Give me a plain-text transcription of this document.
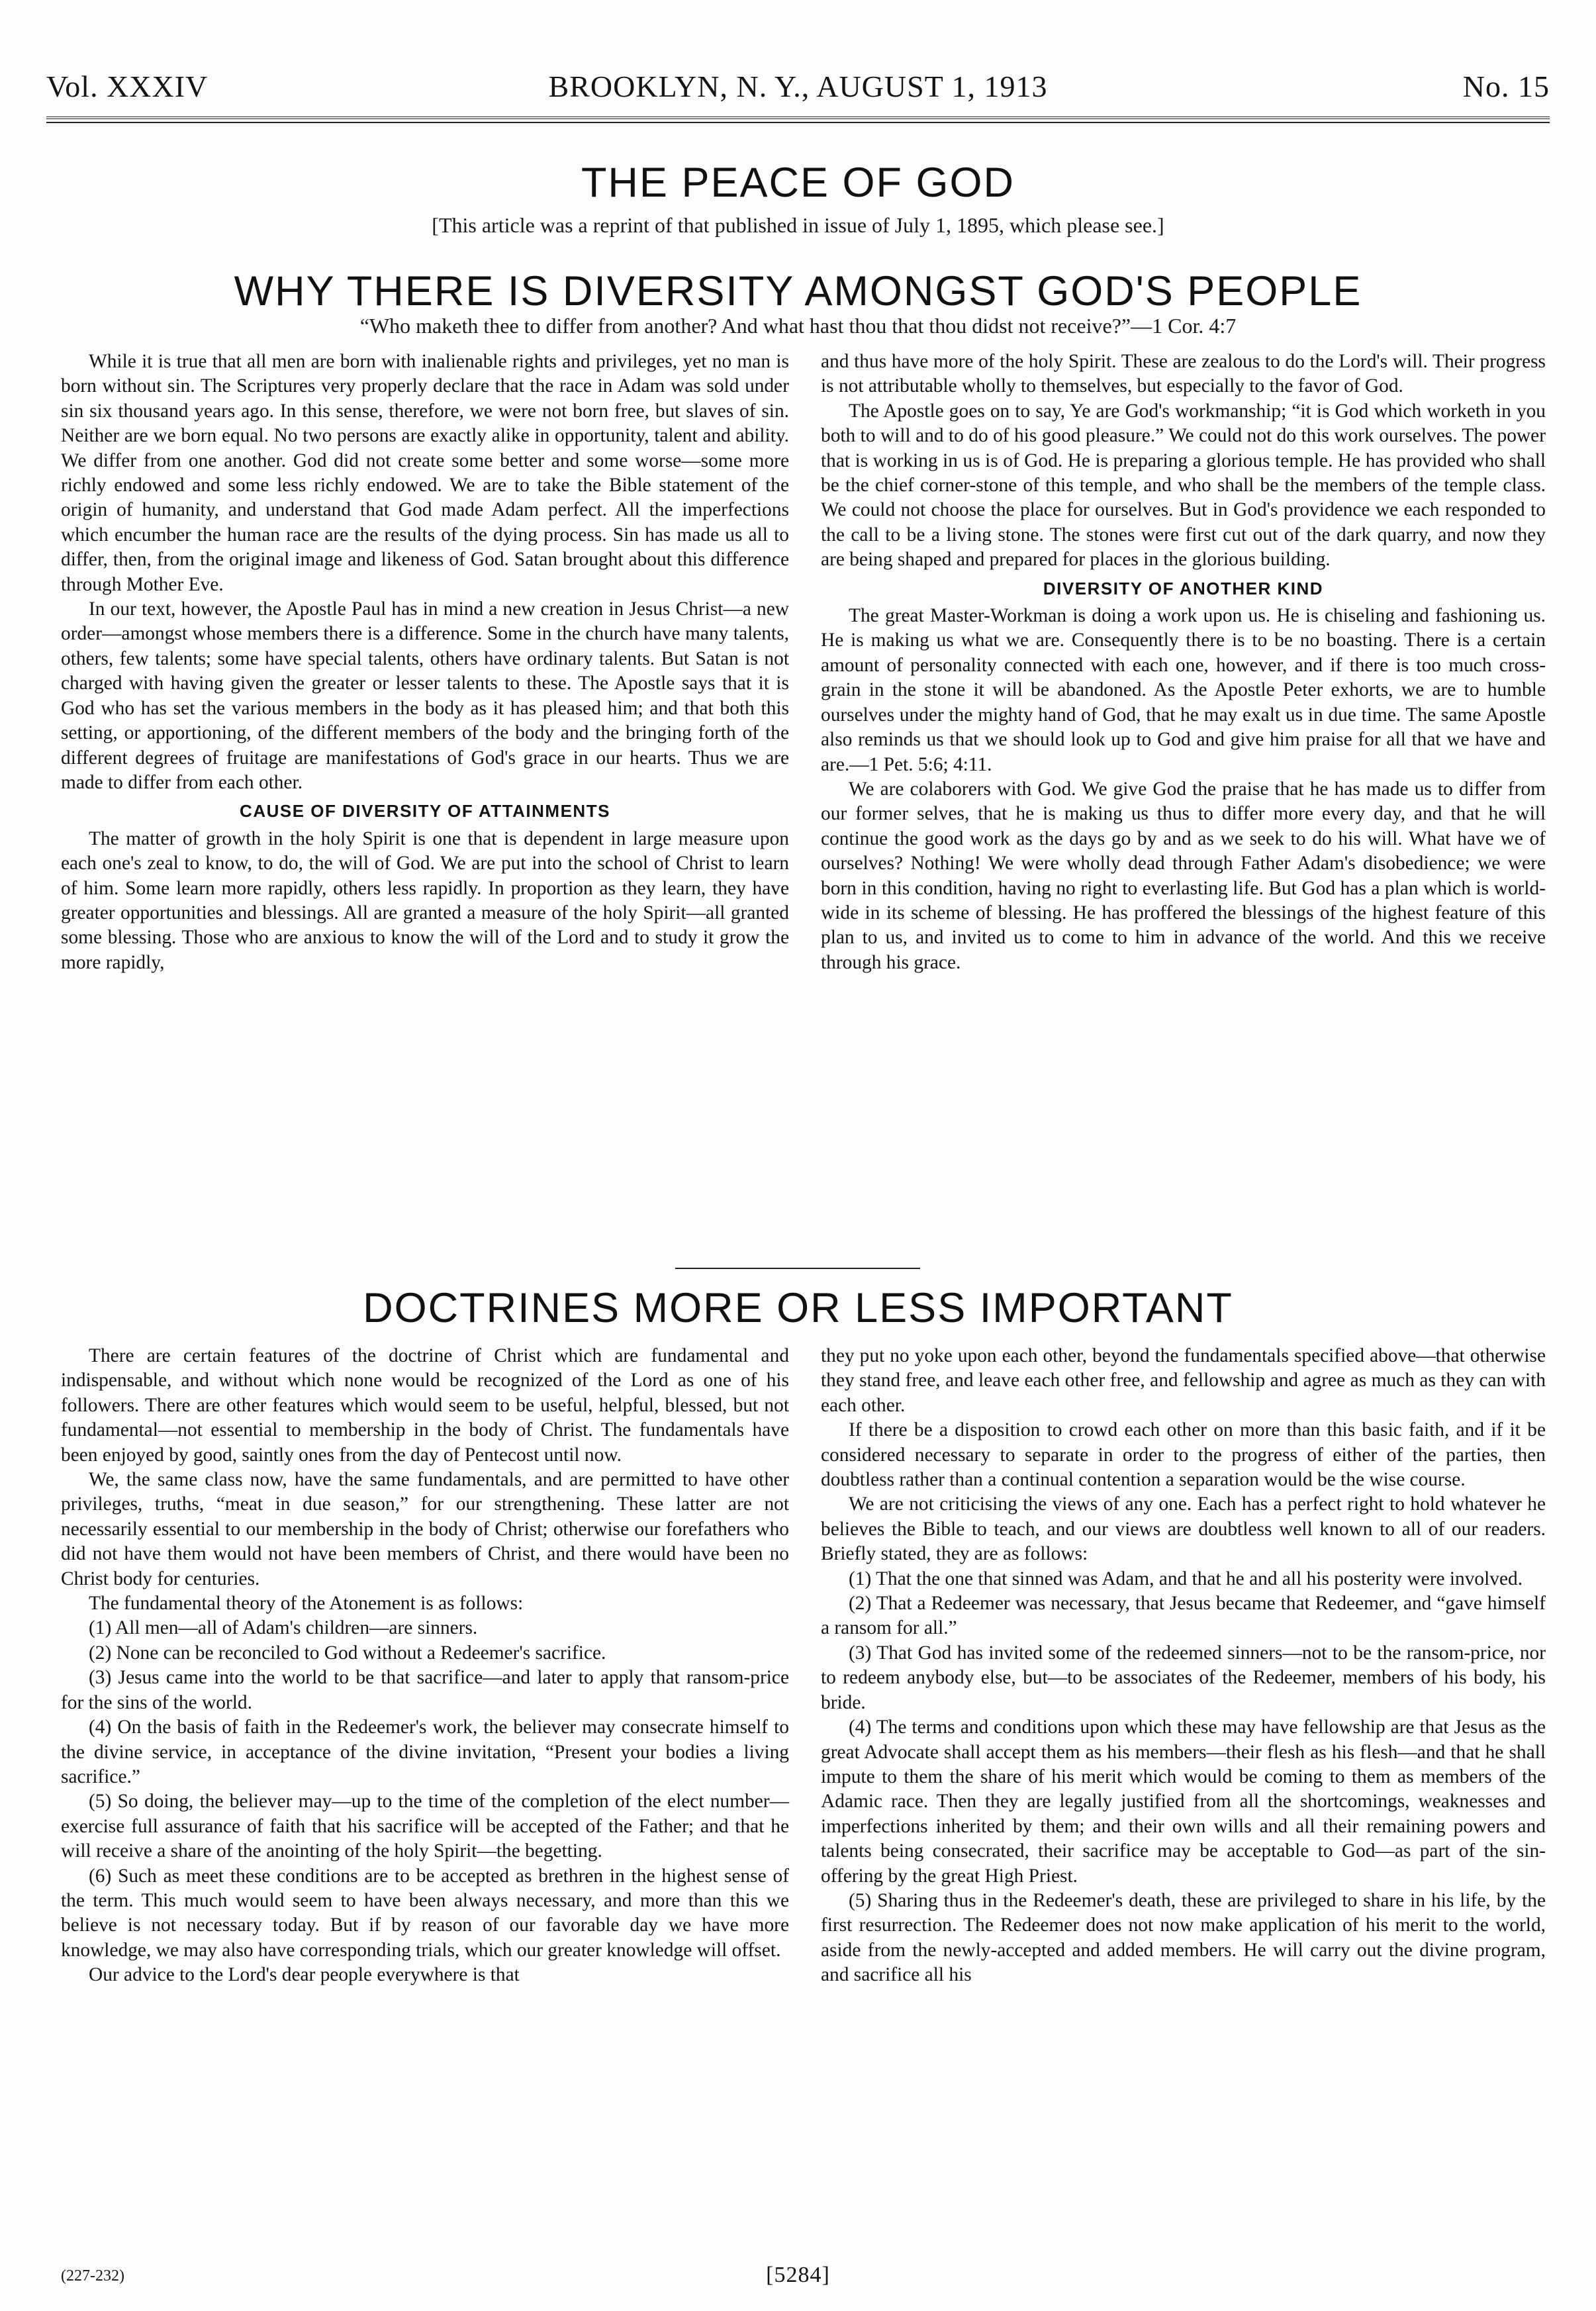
Vol. XXXIV	BROOKLYN, N. Y., AUGUST 1, 1913	No. 15
THE PEACE OF GOD
[This article was a reprint of that published in issue of July 1, 1895, which please see.]
WHY THERE IS DIVERSITY AMONGST GOD'S PEOPLE
“Who maketh thee to differ from another? And what hast thou that thou didst not receive?”—1 Cor. 4:7

While it is true that all men are born with inalienable rights and privileges, yet no man is born without sin. The Scriptures very properly declare that the race in Adam was sold under sin six thousand years ago. In this sense, therefore, we were not born free, but slaves of sin. Neither are we born equal. No two persons are exactly alike in opportunity, talent and ability. We differ from one another. God did not create some better and some worse—some more richly endowed and some less richly endowed. We are to take the Bible statement of the origin of humanity, and understand that God made Adam perfect. All the imperfections which encumber the human race are the results of the dying process. Sin has made us all to differ, then, from the original image and likeness of God. Satan brought about this difference through Mother Eve.

In our text, however, the Apostle Paul has in mind a new creation in Jesus Christ—a new order—amongst whose members there is a difference. Some in the church have many talents, others, few talents; some have special talents, others have ordinary talents. But Satan is not charged with having given the greater or lesser talents to these. The Apostle says that it is God who has set the various members in the body as it has pleased him; and that both this setting, or apportioning, of the different members of the body and the bringing forth of the different degrees of fruitage are manifestations of God's grace in our hearts. Thus we are made to differ from each other.

CAUSE OF DIVERSITY OF ATTAINMENTS

The matter of growth in the holy Spirit is one that is dependent in large measure upon each one's zeal to know, to do, the will of God. We are put into the school of Christ to learn of him. Some learn more rapidly, others less rapidly. In proportion as they learn, they have greater opportunities and blessings. All are granted a measure of the holy Spirit—all granted some blessing. Those who are anxious to know the will of the Lord and to study it grow the more rapidly,

and thus have more of the holy Spirit. These are zealous to do the Lord's will. Their progress is not attributable wholly to themselves, but especially to the favor of God.

The Apostle goes on to say, Ye are God's workmanship; “it is God which worketh in you both to will and to do of his good pleasure.” We could not do this work ourselves. The power that is working in us is of God. He is preparing a glorious temple. He has provided who shall be the chief corner-stone of this temple, and who shall be the members of the temple class. We could not choose the place for ourselves. But in God's providence we each responded to the call to be a living stone. The stones were first cut out of the dark quarry, and now they are being shaped and prepared for places in the glorious building.

DIVERSITY OF ANOTHER KIND

The great Master-Workman is doing a work upon us. He is chiseling and fashioning us. He is making us what we are. Consequently there is to be no boasting. There is a certain amount of personality connected with each one, however, and if there is too much cross-grain in the stone it will be abandoned. As the Apostle Peter exhorts, we are to humble ourselves under the mighty hand of God, that he may exalt us in due time. The same Apostle also reminds us that we should look up to God and give him praise for all that we have and are.—1 Pet. 5:6; 4:11.

We are colaborers with God. We give God the praise that he has made us to differ from our former selves, that he is making us thus to differ more every day, and that he will continue the good work as the days go by and as we seek to do his will. What have we of ourselves? Nothing! We were wholly dead through Father Adam's disobedience; we were born in this condition, having no right to everlasting life. But God has a plan which is world-wide in its scheme of blessing. He has proffered the blessings of the highest feature of this plan to us, and invited us to come to him in advance of the world. And this we receive through his grace.

DOCTRINES MORE OR LESS IMPORTANT

There are certain features of the doctrine of Christ which are fundamental and indispensable, and without which none would be recognized of the Lord as one of his followers. There are other features which would seem to be useful, helpful, blessed, but not fundamental—not essential to membership in the body of Christ. The fundamentals have been enjoyed by good, saintly ones from the day of Pentecost until now.

We, the same class now, have the same fundamentals, and are permitted to have other privileges, truths, “meat in due season,” for our strengthening. These latter are not necessarily essential to our membership in the body of Christ; otherwise our forefathers who did not have them would not have been members of Christ, and there would have been no Christ body for centuries.

The fundamental theory of the Atonement is as follows:

(1) All men—all of Adam's children—are sinners.

(2) None can be reconciled to God without a Redeemer's sacrifice.

(3) Jesus came into the world to be that sacrifice—and later to apply that ransom-price for the sins of the world.

(4) On the basis of faith in the Redeemer's work, the believer may consecrate himself to the divine service, in acceptance of the divine invitation, “Present your bodies a living sacrifice.”

(5) So doing, the believer may—up to the time of the completion of the elect number—exercise full assurance of faith that his sacrifice will be accepted of the Father; and that he will receive a share of the anointing of the holy Spirit—the begetting.

(6) Such as meet these conditions are to be accepted as brethren in the highest sense of the term. This much would seem to have been always necessary, and more than this we believe is not necessary today. But if by reason of our favorable day we have more knowledge, we may also have corresponding trials, which our greater knowledge will offset.

Our advice to the Lord's dear people everywhere is that

they put no yoke upon each other, beyond the fundamentals specified above—that otherwise they stand free, and leave each other free, and fellowship and agree as much as they can with each other.

If there be a disposition to crowd each other on more than this basic faith, and if it be considered necessary to separate in order to the progress of either of the parties, then doubtless rather than a continual contention a separation would be the wise course.

We are not criticising the views of any one. Each has a perfect right to hold whatever he believes the Bible to teach, and our views are doubtless well known to all of our readers. Briefly stated, they are as follows:

(1) That the one that sinned was Adam, and that he and all his posterity were involved.

(2) That a Redeemer was necessary, that Jesus became that Redeemer, and “gave himself a ransom for all.”

(3) That God has invited some of the redeemed sinners—not to be the ransom-price, nor to redeem anybody else, but—to be associates of the Redeemer, members of his body, his bride.

(4) The terms and conditions upon which these may have fellowship are that Jesus as the great Advocate shall accept them as his members—their flesh as his flesh—and that he shall impute to them the share of his merit which would be coming to them as members of the Adamic race. Then they are legally justified from all the shortcomings, weaknesses and imperfections inherited by them; and their own wills and all their remaining powers and talents being consecrated, their sacrifice may be acceptable to God—as part of the sin-offering by the great High Priest.

(5) Sharing thus in the Redeemer's death, these are privileged to share in his life, by the first resurrection. The Redeemer does not now make application of his merit to the world, aside from the newly-accepted and added members. He will carry out the divine program, and sacrifice all his

(227-232)	[5284]
